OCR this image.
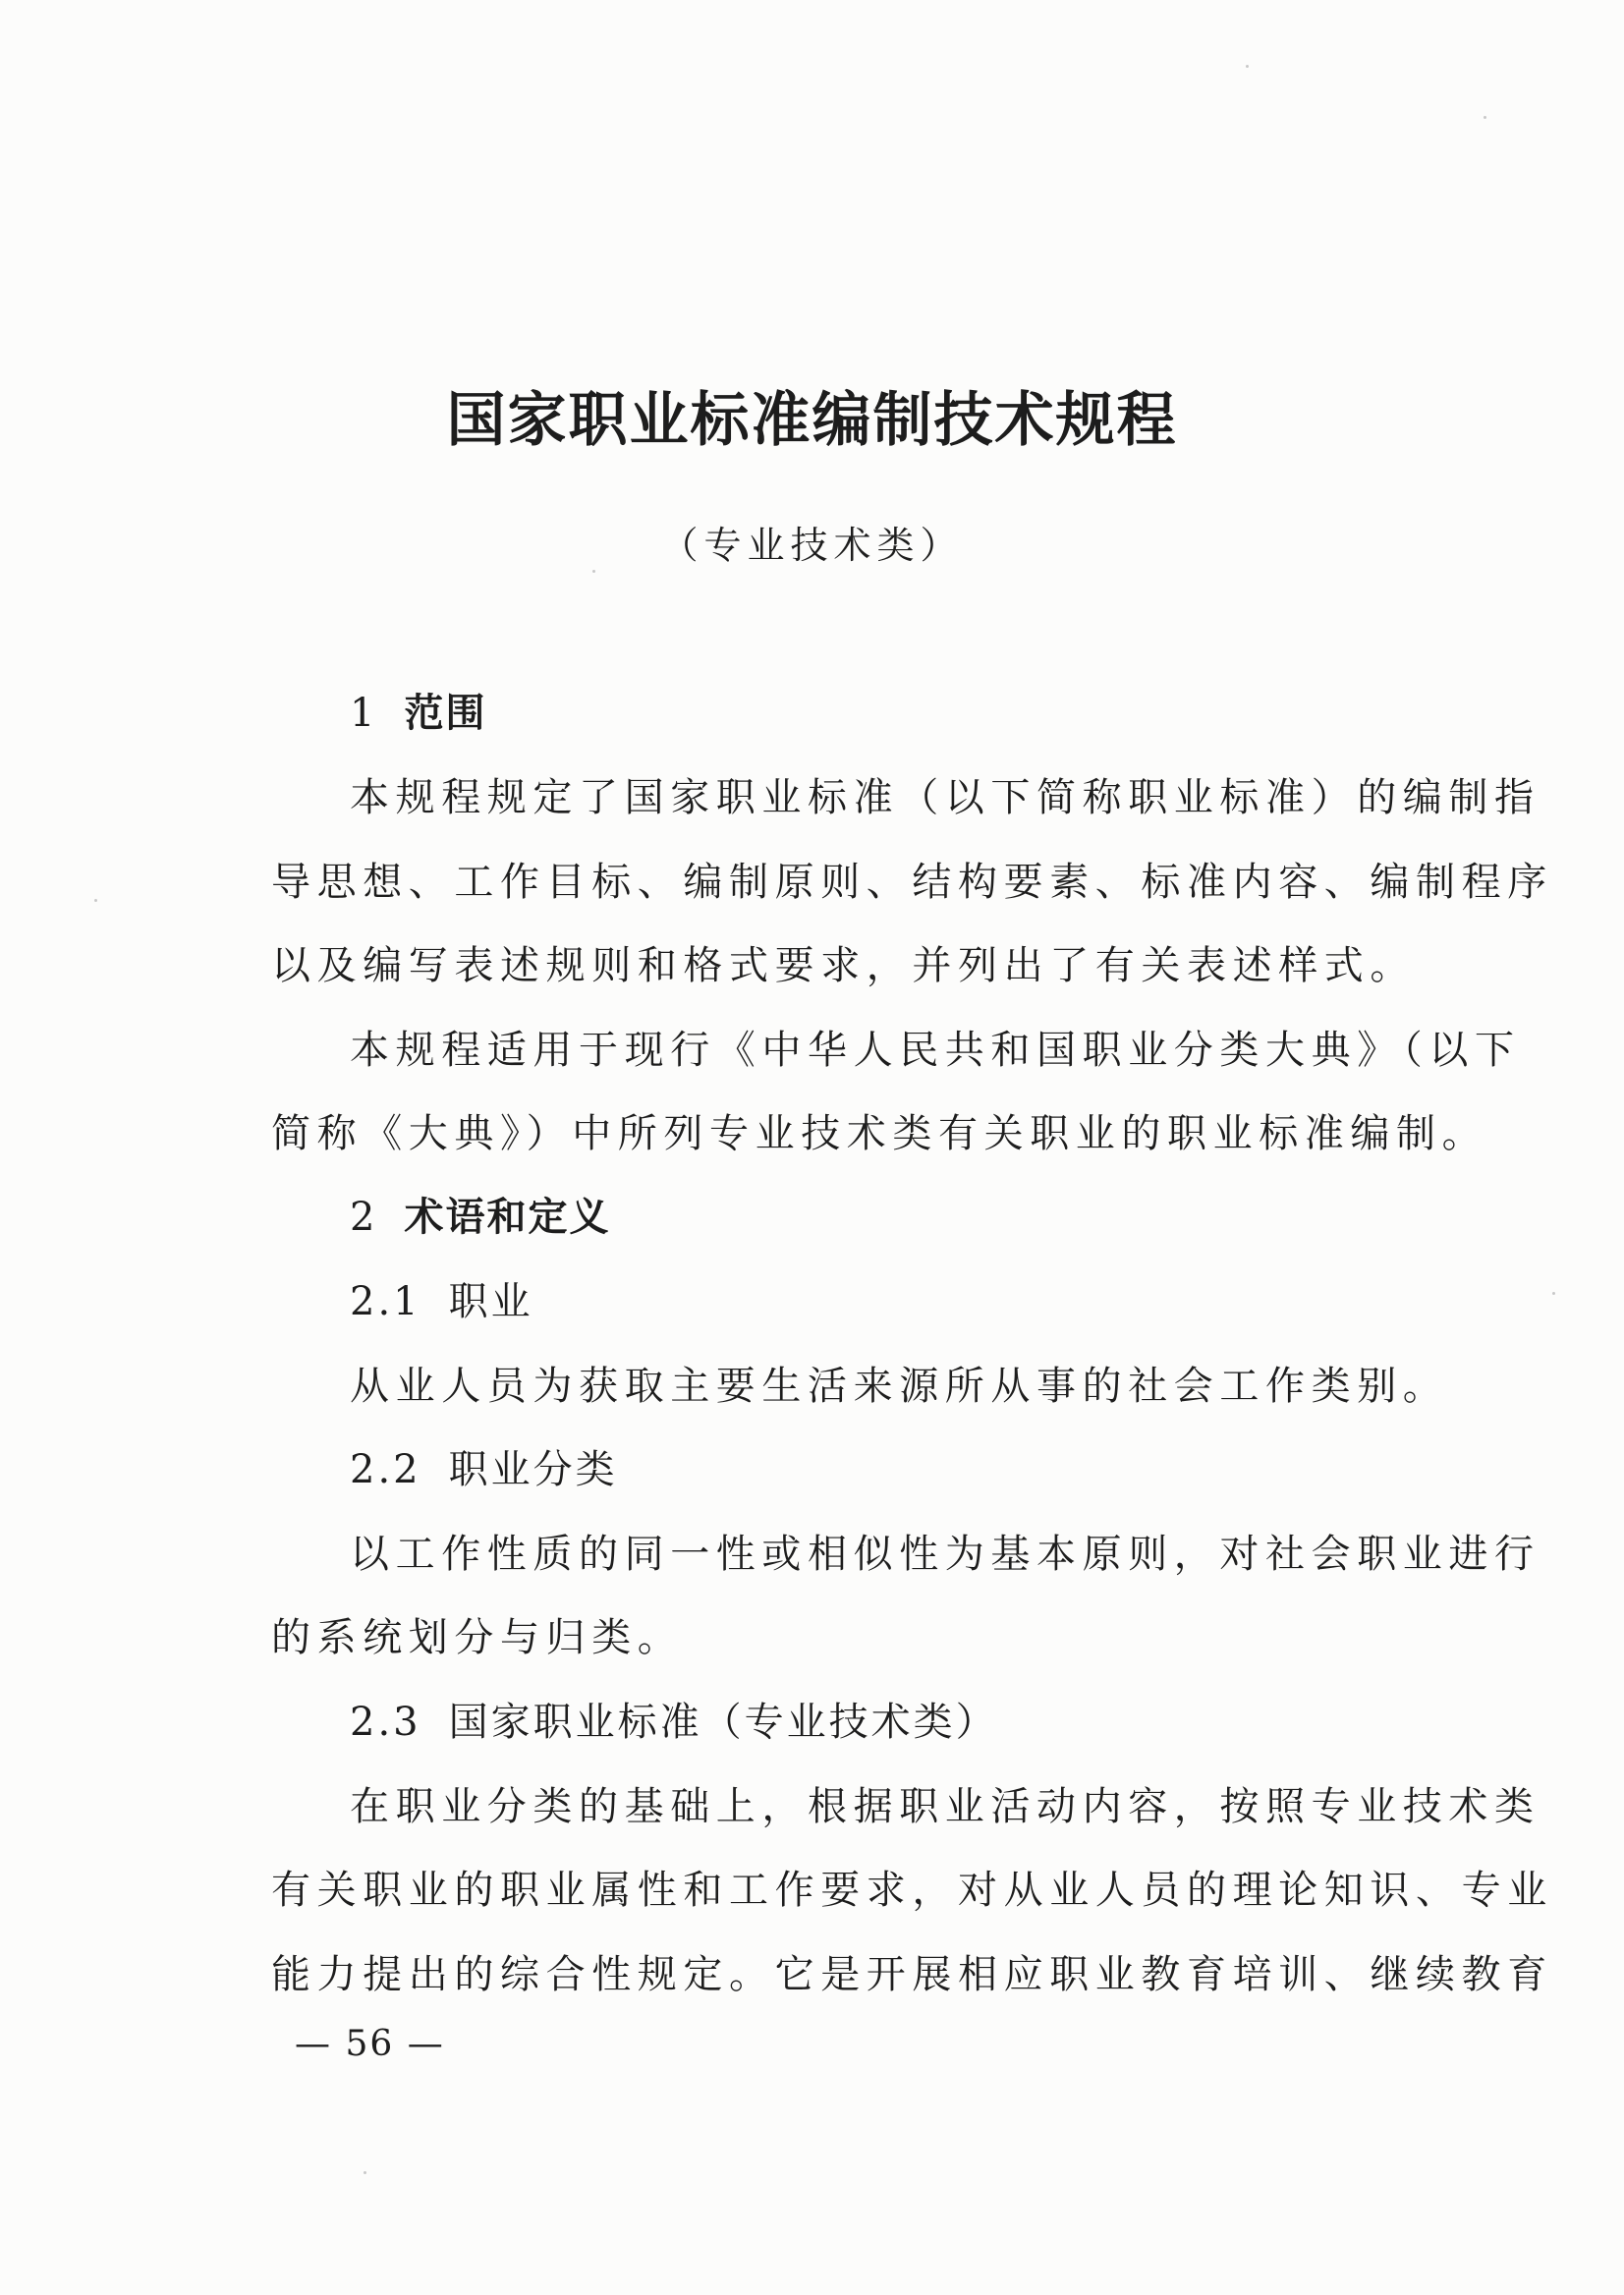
国家职业标准编制技术规程

（专业技术类）

1 范围

本规程规定了国家职业标准（以下简称职业标准）的编制指

导思想、工作目标、编制原则、结构要素、标准内容、编制程序

以及编写表述规则和格式要求，并列出了有关表述样式。

本规程适用于现行《中华人民共和国职业分类大典》（以下

简称《大典》）中所列专业技术类有关职业的职业标准编制。

2 术语和定义

2.1 职业

从业人员为获取主要生活来源所从事的社会工作类别。

2.2 职业分类

以工作性质的同一性或相似性为基本原则，对社会职业进行

的系统划分与归类。

2.3 国家职业标准（专业技术类）

在职业分类的基础上，根据职业活动内容，按照专业技术类

有关职业的职业属性和工作要求，对从业人员的理论知识、专业

能力提出的综合性规定。它是开展相应职业教育培训、继续教育

— 56 —
